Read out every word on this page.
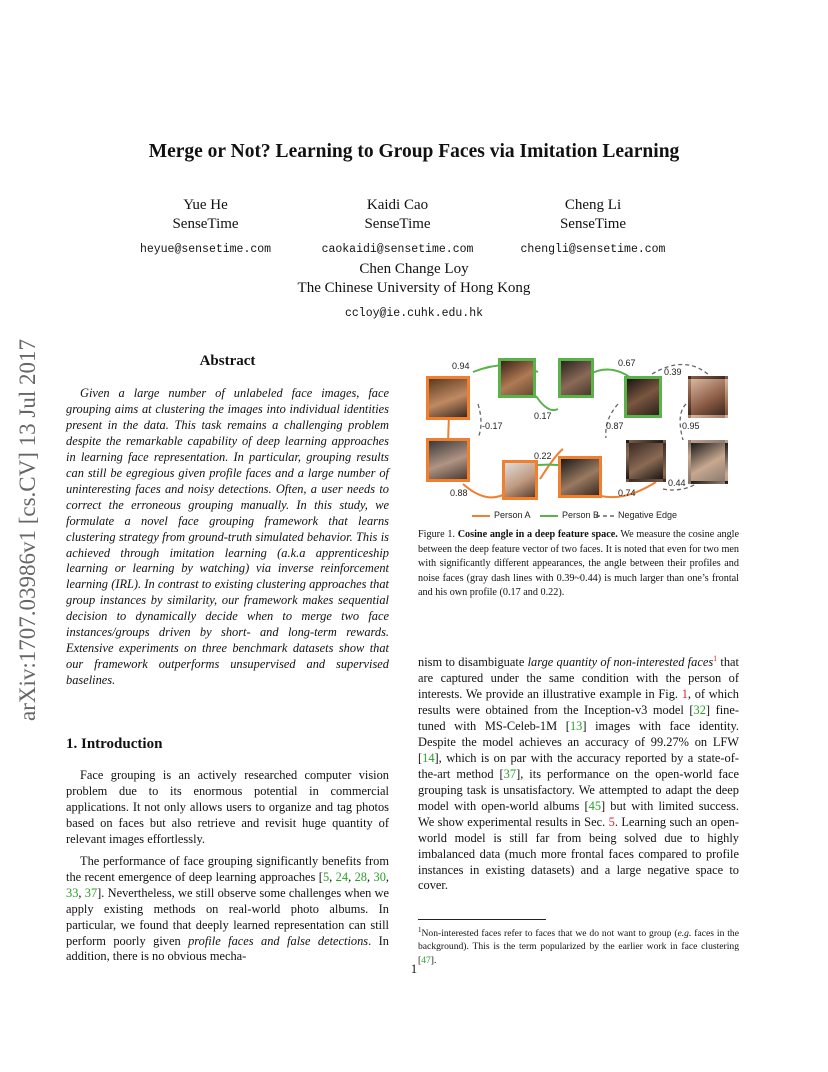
arXiv:1707.03986v1 [cs.CV] 13 Jul 2017
Merge or Not? Learning to Group Faces via Imitation Learning
Yue He
SenseTime
heyue@sensetime.com
Kaidi Cao
SenseTime
caokaidi@sensetime.com
Cheng Li
SenseTime
chengli@sensetime.com
Chen Change Loy
The Chinese University of Hong Kong
ccloy@ie.cuhk.edu.hk
Abstract
Given a large number of unlabeled face images, face grouping aims at clustering the images into individual identities present in the data. This task remains a challenging problem despite the remarkable capability of deep learning approaches in learning face representation. In particular, grouping results can still be egregious given profile faces and a large number of uninteresting faces and noisy detections. Often, a user needs to correct the erroneous grouping manually. In this study, we formulate a novel face grouping framework that learns clustering strategy from ground-truth simulated behavior. This is achieved through imitation learning (a.k.a apprenticeship learning or learning by watching) via inverse reinforcement learning (IRL). In contrast to existing clustering approaches that group instances by similarity, our framework makes sequential decision to dynamically decide when to merge two face instances/groups driven by short- and long-term rewards. Extensive experiments on three benchmark datasets show that our framework outperforms unsupervised and supervised baselines.
1. Introduction

Face grouping is an actively researched computer vision problem due to its enormous potential in commercial applications. It not only allows users to organize and tag photos based on faces but also retrieve and revisit huge quantity of relevant images effortlessly.

The performance of face grouping significantly benefits from the recent emergence of deep learning approaches [5, 24, 28, 30, 33, 37]. Nevertheless, we still observe some challenges when we apply existing methods on real-world photo albums. In particular, we found that deeply learned representation can still perform poorly given profile faces and false detections. In addition, there is no obvious mecha-

0.94	0.67
0.39
-0.17
0.17
0.87	0.95
0.22
0.88	0.74
0.44
Person A	Person B Negative Edge
Figure 1. Cosine angle in a deep feature space. We measure the cosine angle between the deep feature vector of two faces. It is noted that even for two men with significantly different appearances, the angle between their profiles and noise faces (gray dash lines with 0.39~0.44) is much larger than one’s frontal and his own profile (0.17 and 0.22).

nism to disambiguate large quantity of non-interested faces$^1$ that are captured under the same condition with the person of interests. We provide an illustrative example in Fig. 1, of which results were obtained from the Inception-v3 model [32] fine-tuned with MS-Celeb-1M [13] images with face identity. Despite the model achieves an accuracy of 99.27% on LFW [14], which is on par with the accuracy reported by a state-of-the-art method [37], its performance on the open-world face grouping task is unsatisfactory. We attempted to adapt the deep model with open-world albums [45] but with limited success. We show experimental results in Sec. 5. Learning such an open-world model is still far from being solved due to highly imbalanced data (much more frontal faces compared to profile instances in existing datasets) and a large negative space to cover.

$^1$Non-interested faces refer to faces that we do not want to group (e.g. faces in the background). This is the term popularized by the earlier work in face clustering [47].
1
